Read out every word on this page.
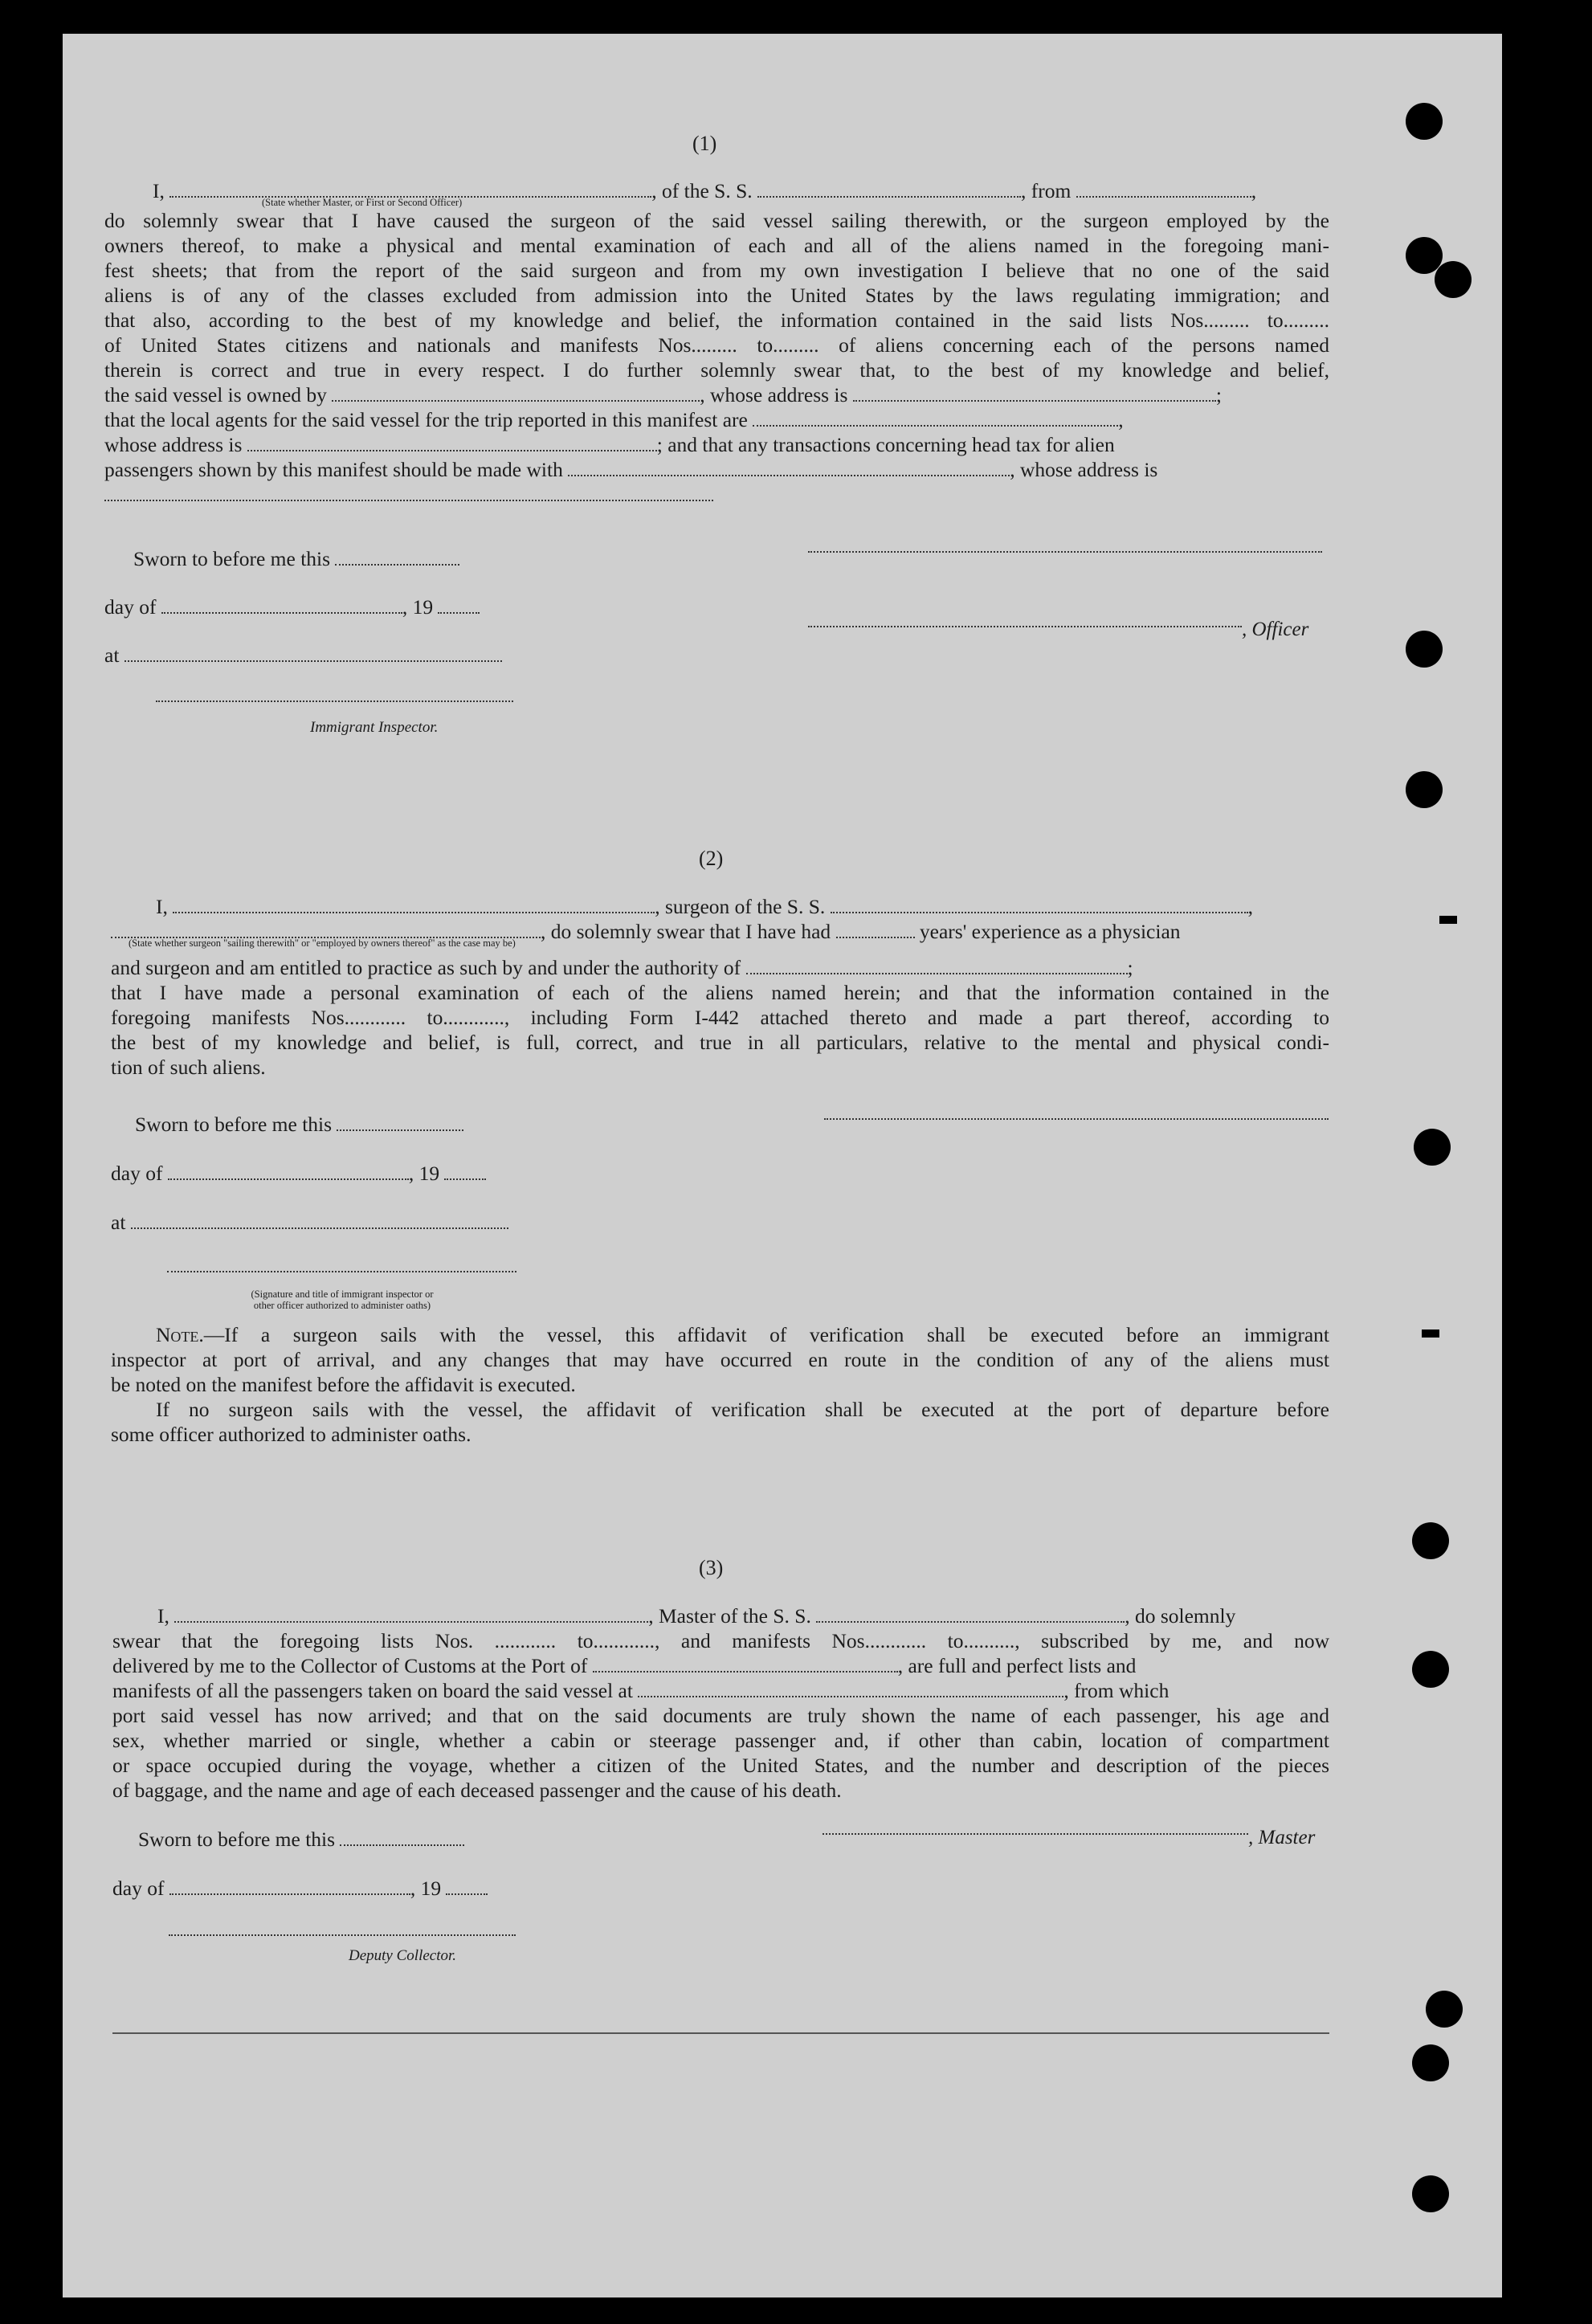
(1)
I,	, of the S. S.	, from	,
(State whether Master, or First or Second Officer)
do solemnly swear that I have caused the surgeon of the said vessel sailing therewith, or the surgeon employed by the
owners thereof, to make a physical and mental examination of each and all of the aliens named in the foregoing mani-
fest sheets; that from the report of the said surgeon and from my own investigation I believe that no one of the said
aliens is of any of the classes excluded from admission into the United States by the laws regulating immigration; and
that also, according to the best of my knowledge and belief, the information contained in the said lists Nos......... to.........
of United States citizens and nationals and manifests Nos......... to......... of aliens concerning each of the persons named
therein is correct and true in every respect. I do further solemnly swear that, to the best of my knowledge and belief,
the said vessel is owned by	, whose address is	;
that the local agents for the said vessel for the trip reported in this manifest are	,
whose address is	; and that any transactions concerning head tax for alien
passengers shown by this manifest should be made with	, whose address is
Sworn to before me this
day of	, 19
at
, Officer
Immigrant Inspector.
(2)
I,	, surgeon of the S. S.	,
, do solemnly swear that I have had	years' experience as a physician
(State whether surgeon "sailing therewith" or "employed by owners thereof" as the case may be)
and surgeon and am entitled to practice as such by and under the authority of	;
that I have made a personal examination of each of the aliens named herein; and that the information contained in the
foregoing manifests Nos............ to............, including Form I-442 attached thereto and made a part thereof, according to
the best of my knowledge and belief, is full, correct, and true in all particulars, relative to the mental and physical condi-
tion of such aliens.
Sworn to before me this
day of	, 19
at
(Signature and title of immigrant inspector or
other officer authorized to administer oaths)
Note.—If a surgeon sails with the vessel, this affidavit of verification shall be executed before an immigrant
inspector at port of arrival, and any changes that may have occurred en route in the condition of any of the aliens must
be noted on the manifest before the affidavit is executed.
If no surgeon sails with the vessel, the affidavit of verification shall be executed at the port of departure before
some officer authorized to administer oaths.
(3)
I,	, Master of the S. S.	, do solemnly
swear that the foregoing lists Nos. ............ to............, and manifests Nos............ to.........., subscribed by me, and now
delivered by me to the Collector of Customs at the Port of	, are full and perfect lists and
manifests of all the passengers taken on board the said vessel at	, from which
port said vessel has now arrived; and that on the said documents are truly shown the name of each passenger, his age and
sex, whether married or single, whether a cabin or steerage passenger and, if other than cabin, location of compartment
or space occupied during the voyage, whether a citizen of the United States, and the number and description of the pieces
of baggage, and the name and age of each deceased passenger and the cause of his death.
Sworn to before me this
day of	, 19
, Master
Deputy Collector.
